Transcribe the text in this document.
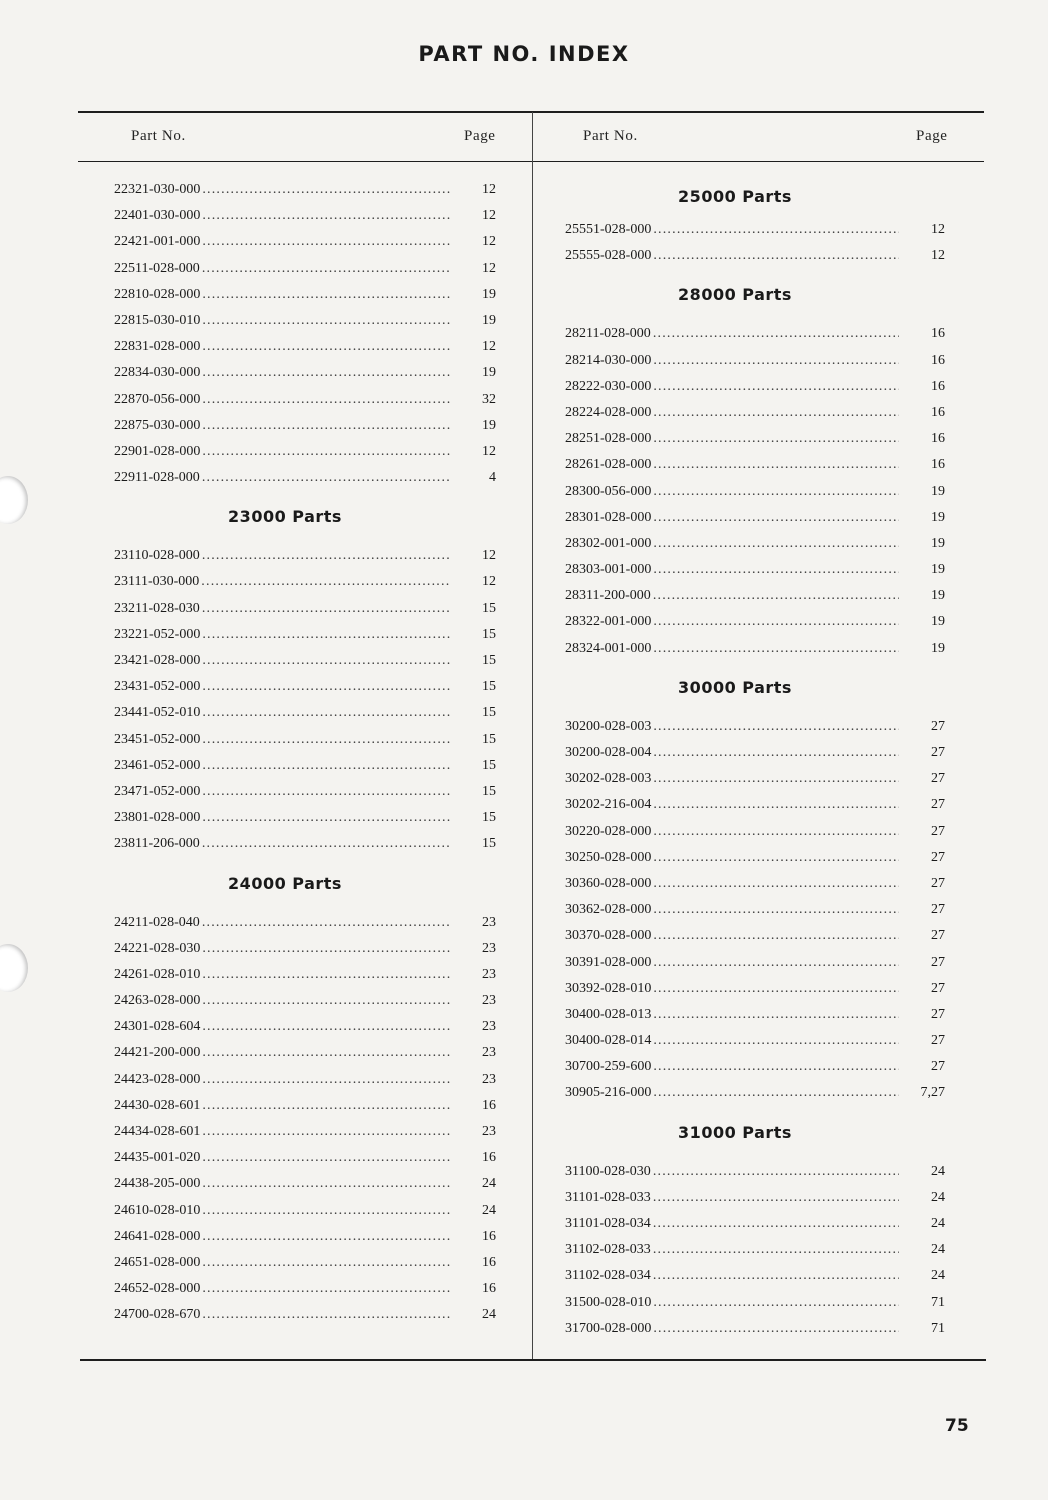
PART NO. INDEX
Part No.	Page	Part No.	Page
22321-030-000 .....	12
22401-030-000 .....	12
22421-001-000 .....	12
22511-028-000 .....	12
22810-028-000 .....	19
22815-030-010 .....	19
22831-028-000 .....	12
22834-030-000 .....	19
22870-056-000 .....	32
22875-030-000 .....	19
22901-028-000 .....	12
22911-028-000 .....	4
23000 Parts
23110-028-000 .....	12
23111-030-000 .....	12
23211-028-030 .....	15
23221-052-000 .....	15
23421-028-000 .....	15
23431-052-000 .....	15
23441-052-010 .....	15
23451-052-000 .....	15
23461-052-000 .....	15
23471-052-000 .....	15
23801-028-000 .....	15
23811-206-000 .....	15
24000 Parts
24211-028-040 .....	23
24221-028-030 .....	23
24261-028-010 .....	23
24263-028-000 .....	23
24301-028-604 .....	23
24421-200-000 .....	23
24423-028-000 .....	23
24430-028-601 .....	16
24434-028-601 .....	23
24435-001-020 .....	16
24438-205-000 .....	24
24610-028-010 .....	24
24641-028-000 .....	16
24651-028-000 .....	16
24652-028-000 .....	16
24700-028-670 .....	24
25000 Parts
25551-028-000 .....	12
25555-028-000 .....	12
28000 Parts
28211-028-000 .....	16
28214-030-000 .....	16
28222-030-000 .....	16
28224-028-000 .....	16
28251-028-000 .....	16
28261-028-000 .....	16
28300-056-000 .....	19
28301-028-000 .....	19
28302-001-000 .....	19
28303-001-000 .....	19
28311-200-000 .....	19
28322-001-000 .....	19
28324-001-000 .....	19
30000 Parts
30200-028-003 .....	27
30200-028-004 .....	27
30202-028-003 .....	27
30202-216-004 .....	27
30220-028-000 .....	27
30250-028-000 .....	27
30360-028-000 .....	27
30362-028-000 .....	27
30370-028-000 .....	27
30391-028-000 .....	27
30392-028-010 .....	27
30400-028-013 .....	27
30400-028-014 .....	27
30700-259-600 .....	27
30905-216-000 .....	7,27
31000 Parts
31100-028-030 .....	24
31101-028-033 .....	24
31101-028-034 .....	24
31102-028-033 .....	24
31102-028-034 .....	24
31500-028-010 .....	71
31700-028-000 .....	71
75
